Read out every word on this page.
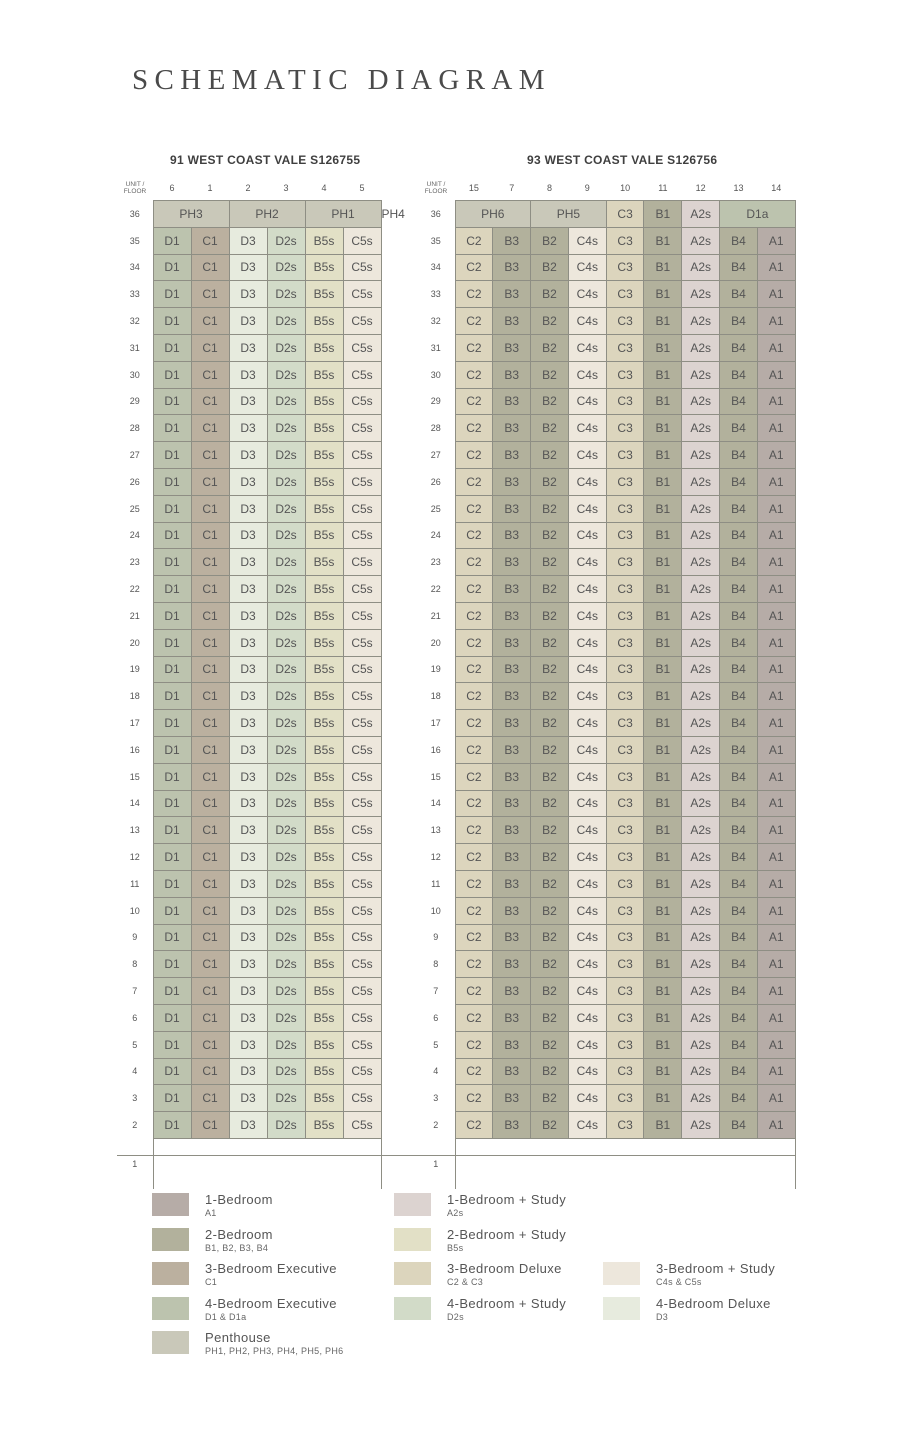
SCHEMATIC DIAGRAM
91 WEST COAST VALE S126755	93 WEST COAST VALE S126756
UNIT /
FLOOR	6	1	2	3	4	5	
36	PH3		PH2		PH1		PH4
35	D1	C1	D3	D2s	B5s	C5s	
34	D1	C1	D3	D2s	B5s	C5s	
33	D1	C1	D3	D2s	B5s	C5s	
32	D1	C1	D3	D2s	B5s	C5s	
31	D1	C1	D3	D2s	B5s	C5s	
30	D1	C1	D3	D2s	B5s	C5s	
29	D1	C1	D3	D2s	B5s	C5s	
28	D1	C1	D3	D2s	B5s	C5s	
27	D1	C1	D3	D2s	B5s	C5s	
26	D1	C1	D3	D2s	B5s	C5s	
25	D1	C1	D3	D2s	B5s	C5s	
24	D1	C1	D3	D2s	B5s	C5s	
23	D1	C1	D3	D2s	B5s	C5s	
22	D1	C1	D3	D2s	B5s	C5s	
21	D1	C1	D3	D2s	B5s	C5s	
20	D1	C1	D3	D2s	B5s	C5s	
19	D1	C1	D3	D2s	B5s	C5s	
18	D1	C1	D3	D2s	B5s	C5s	
17	D1	C1	D3	D2s	B5s	C5s	
16	D1	C1	D3	D2s	B5s	C5s	
15	D1	C1	D3	D2s	B5s	C5s	
14	D1	C1	D3	D2s	B5s	C5s	
13	D1	C1	D3	D2s	B5s	C5s	
12	D1	C1	D3	D2s	B5s	C5s	
11	D1	C1	D3	D2s	B5s	C5s	
10	D1	C1	D3	D2s	B5s	C5s	
9	D1	C1	D3	D2s	B5s	C5s	
8	D1	C1	D3	D2s	B5s	C5s	
7	D1	C1	D3	D2s	B5s	C5s	
6	D1	C1	D3	D2s	B5s	C5s	
5	D1	C1	D3	D2s	B5s	C5s	
4	D1	C1	D3	D2s	B5s	C5s	
3	D1	C1	D3	D2s	B5s	C5s	
2	D1	C1	D3	D2s	B5s	C5s	
1							
UNIT /
FLOOR	15	7	8	9	10	11	12	13	14
36	PH6		PH5		C3	B1	A2s	D1a	
35	C2	B3	B2	C4s	C3	B1	A2s	B4	A1
34	C2	B3	B2	C4s	C3	B1	A2s	B4	A1
33	C2	B3	B2	C4s	C3	B1	A2s	B4	A1
32	C2	B3	B2	C4s	C3	B1	A2s	B4	A1
31	C2	B3	B2	C4s	C3	B1	A2s	B4	A1
30	C2	B3	B2	C4s	C3	B1	A2s	B4	A1
29	C2	B3	B2	C4s	C3	B1	A2s	B4	A1
28	C2	B3	B2	C4s	C3	B1	A2s	B4	A1
27	C2	B3	B2	C4s	C3	B1	A2s	B4	A1
26	C2	B3	B2	C4s	C3	B1	A2s	B4	A1
25	C2	B3	B2	C4s	C3	B1	A2s	B4	A1
24	C2	B3	B2	C4s	C3	B1	A2s	B4	A1
23	C2	B3	B2	C4s	C3	B1	A2s	B4	A1
22	C2	B3	B2	C4s	C3	B1	A2s	B4	A1
21	C2	B3	B2	C4s	C3	B1	A2s	B4	A1
20	C2	B3	B2	C4s	C3	B1	A2s	B4	A1
19	C2	B3	B2	C4s	C3	B1	A2s	B4	A1
18	C2	B3	B2	C4s	C3	B1	A2s	B4	A1
17	C2	B3	B2	C4s	C3	B1	A2s	B4	A1
16	C2	B3	B2	C4s	C3	B1	A2s	B4	A1
15	C2	B3	B2	C4s	C3	B1	A2s	B4	A1
14	C2	B3	B2	C4s	C3	B1	A2s	B4	A1
13	C2	B3	B2	C4s	C3	B1	A2s	B4	A1
12	C2	B3	B2	C4s	C3	B1	A2s	B4	A1
11	C2	B3	B2	C4s	C3	B1	A2s	B4	A1
10	C2	B3	B2	C4s	C3	B1	A2s	B4	A1
9	C2	B3	B2	C4s	C3	B1	A2s	B4	A1
8	C2	B3	B2	C4s	C3	B1	A2s	B4	A1
7	C2	B3	B2	C4s	C3	B1	A2s	B4	A1
6	C2	B3	B2	C4s	C3	B1	A2s	B4	A1
5	C2	B3	B2	C4s	C3	B1	A2s	B4	A1
4	C2	B3	B2	C4s	C3	B1	A2s	B4	A1
3	C2	B3	B2	C4s	C3	B1	A2s	B4	A1
2	C2	B3	B2	C4s	C3	B1	A2s	B4	A1
1									
1-Bedroom
A1
2-Bedroom
B1, B2, B3, B4
3-Bedroom Executive
C1
4-Bedroom Executive
D1 & D1a
Penthouse
PH1, PH2, PH3, PH4, PH5, PH6
1-Bedroom + Study
A2s
2-Bedroom + Study
B5s
3-Bedroom Deluxe
C2 & C3
4-Bedroom + Study
D2s
3-Bedroom + Study
C4s & C5s
4-Bedroom Deluxe
D3
